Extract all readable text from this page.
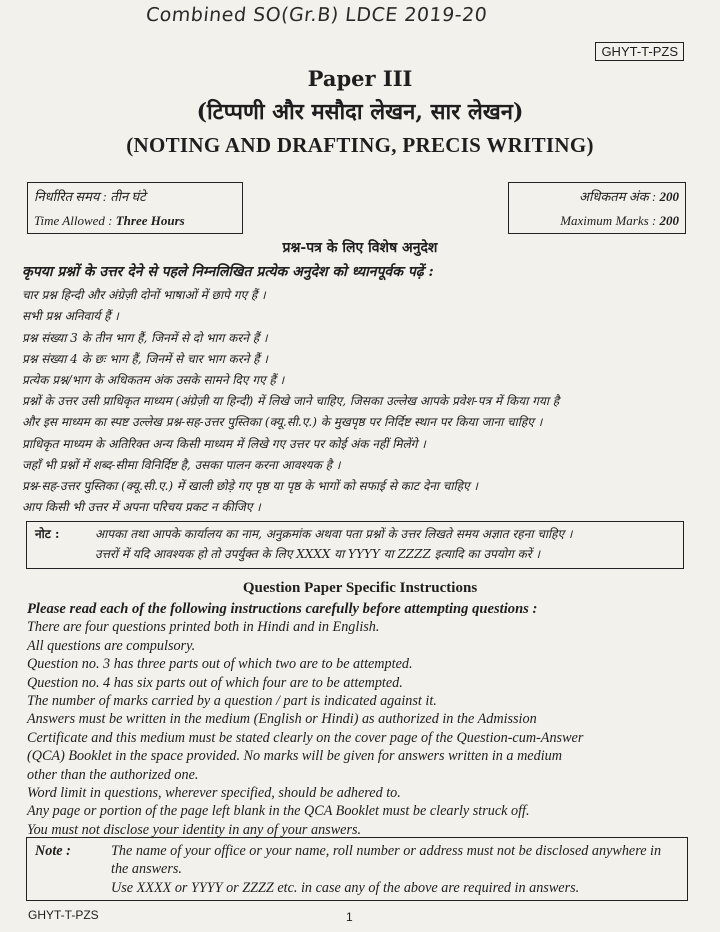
Combined SO(Gr.B) LDCE 2019-20
GHYT-T-PZS
Paper III
(टिप्पणी और मसौदा लेखन, सार लेखन)
(NOTING AND DRAFTING, PRECIS WRITING)
निर्धारित समय : तीन घंटे
Time Allowed : Three Hours
अधिकतम अंक : 200
Maximum Marks : 200
प्रश्न-पत्र के लिए विशेष अनुदेश

कृपया प्रश्नों के उत्तर देने से पहले निम्नलिखित प्रत्येक अनुदेश को ध्यानपूर्वक पढ़ें :

चार प्रश्न हिन्दी और अंग्रेज़ी दोनों भाषाओं में छापे गए हैं ।

सभी प्रश्न अनिवार्य हैं ।

प्रश्न संख्या 3 के तीन भाग हैं, जिनमें से दो भाग करने हैं ।

प्रश्न संख्या 4 के छः भाग हैं, जिनमें से चार भाग करने हैं ।

प्रत्येक प्रश्न/भाग के अधिकतम अंक उसके सामने दिए गए हैं ।

प्रश्नों के उत्तर उसी प्राधिकृत माध्यम (अंग्रेज़ी या हिन्दी) में लिखे जाने चाहिए, जिसका उल्लेख आपके प्रवेश-पत्र में किया गया है

और इस माध्यम का स्पष्ट उल्लेख प्रश्न-सह-उत्तर पुस्तिका (क्यू.सी.ए.) के मुखपृष्ठ पर निर्दिष्ट स्थान पर किया जाना चाहिए ।

प्राधिकृत माध्यम के अतिरिक्त अन्य किसी माध्यम में लिखे गए उत्तर पर कोई अंक नहीं मिलेंगे ।

जहाँ भी प्रश्नों में शब्द-सीमा विनिर्दिष्ट है, उसका पालन करना आवश्यक है ।

प्रश्न-सह-उत्तर पुस्तिका (क्यू.सी.ए.) में खाली छोड़े गए पृष्ठ या पृष्ठ के भागों को सफाई से काट देना चाहिए ।

आप किसी भी उत्तर में अपना परिचय प्रकट न कीजिए ।

नोट :	आपका तथा आपके कार्यालय का नाम, अनुक्रमांक अथवा पता प्रश्नों के उत्तर लिखते समय अज्ञात रहना चाहिए ।
उत्तरों में यदि आवश्यक हो तो उपर्युक्त के लिए XXXX या YYYY या ZZZZ इत्यादि का उपयोग करें ।
Question Paper Specific Instructions

Please read each of the following instructions carefully before attempting questions :

There are four questions printed both in Hindi and in English.

All questions are compulsory.

Question no. 3 has three parts out of which two are to be attempted.

Question no. 4 has six parts out of which four are to be attempted.

The number of marks carried by a question / part is indicated against it.

Answers must be written in the medium (English or Hindi) as authorized in the Admission

Certificate and this medium must be stated clearly on the cover page of the Question-cum-Answer

(QCA) Booklet in the space provided. No marks will be given for answers written in a medium

other than the authorized one.

Word limit in questions, wherever specified, should be adhered to.

Any page or portion of the page left blank in the QCA Booklet must be clearly struck off.

You must not disclose your identity in any of your answers.

Note :	The name of your office or your name, roll number or address must not be disclosed anywhere in the answers.
Use XXXX or YYYY or ZZZZ etc. in case any of the above are required in answers.
GHYT-T-PZS	1
